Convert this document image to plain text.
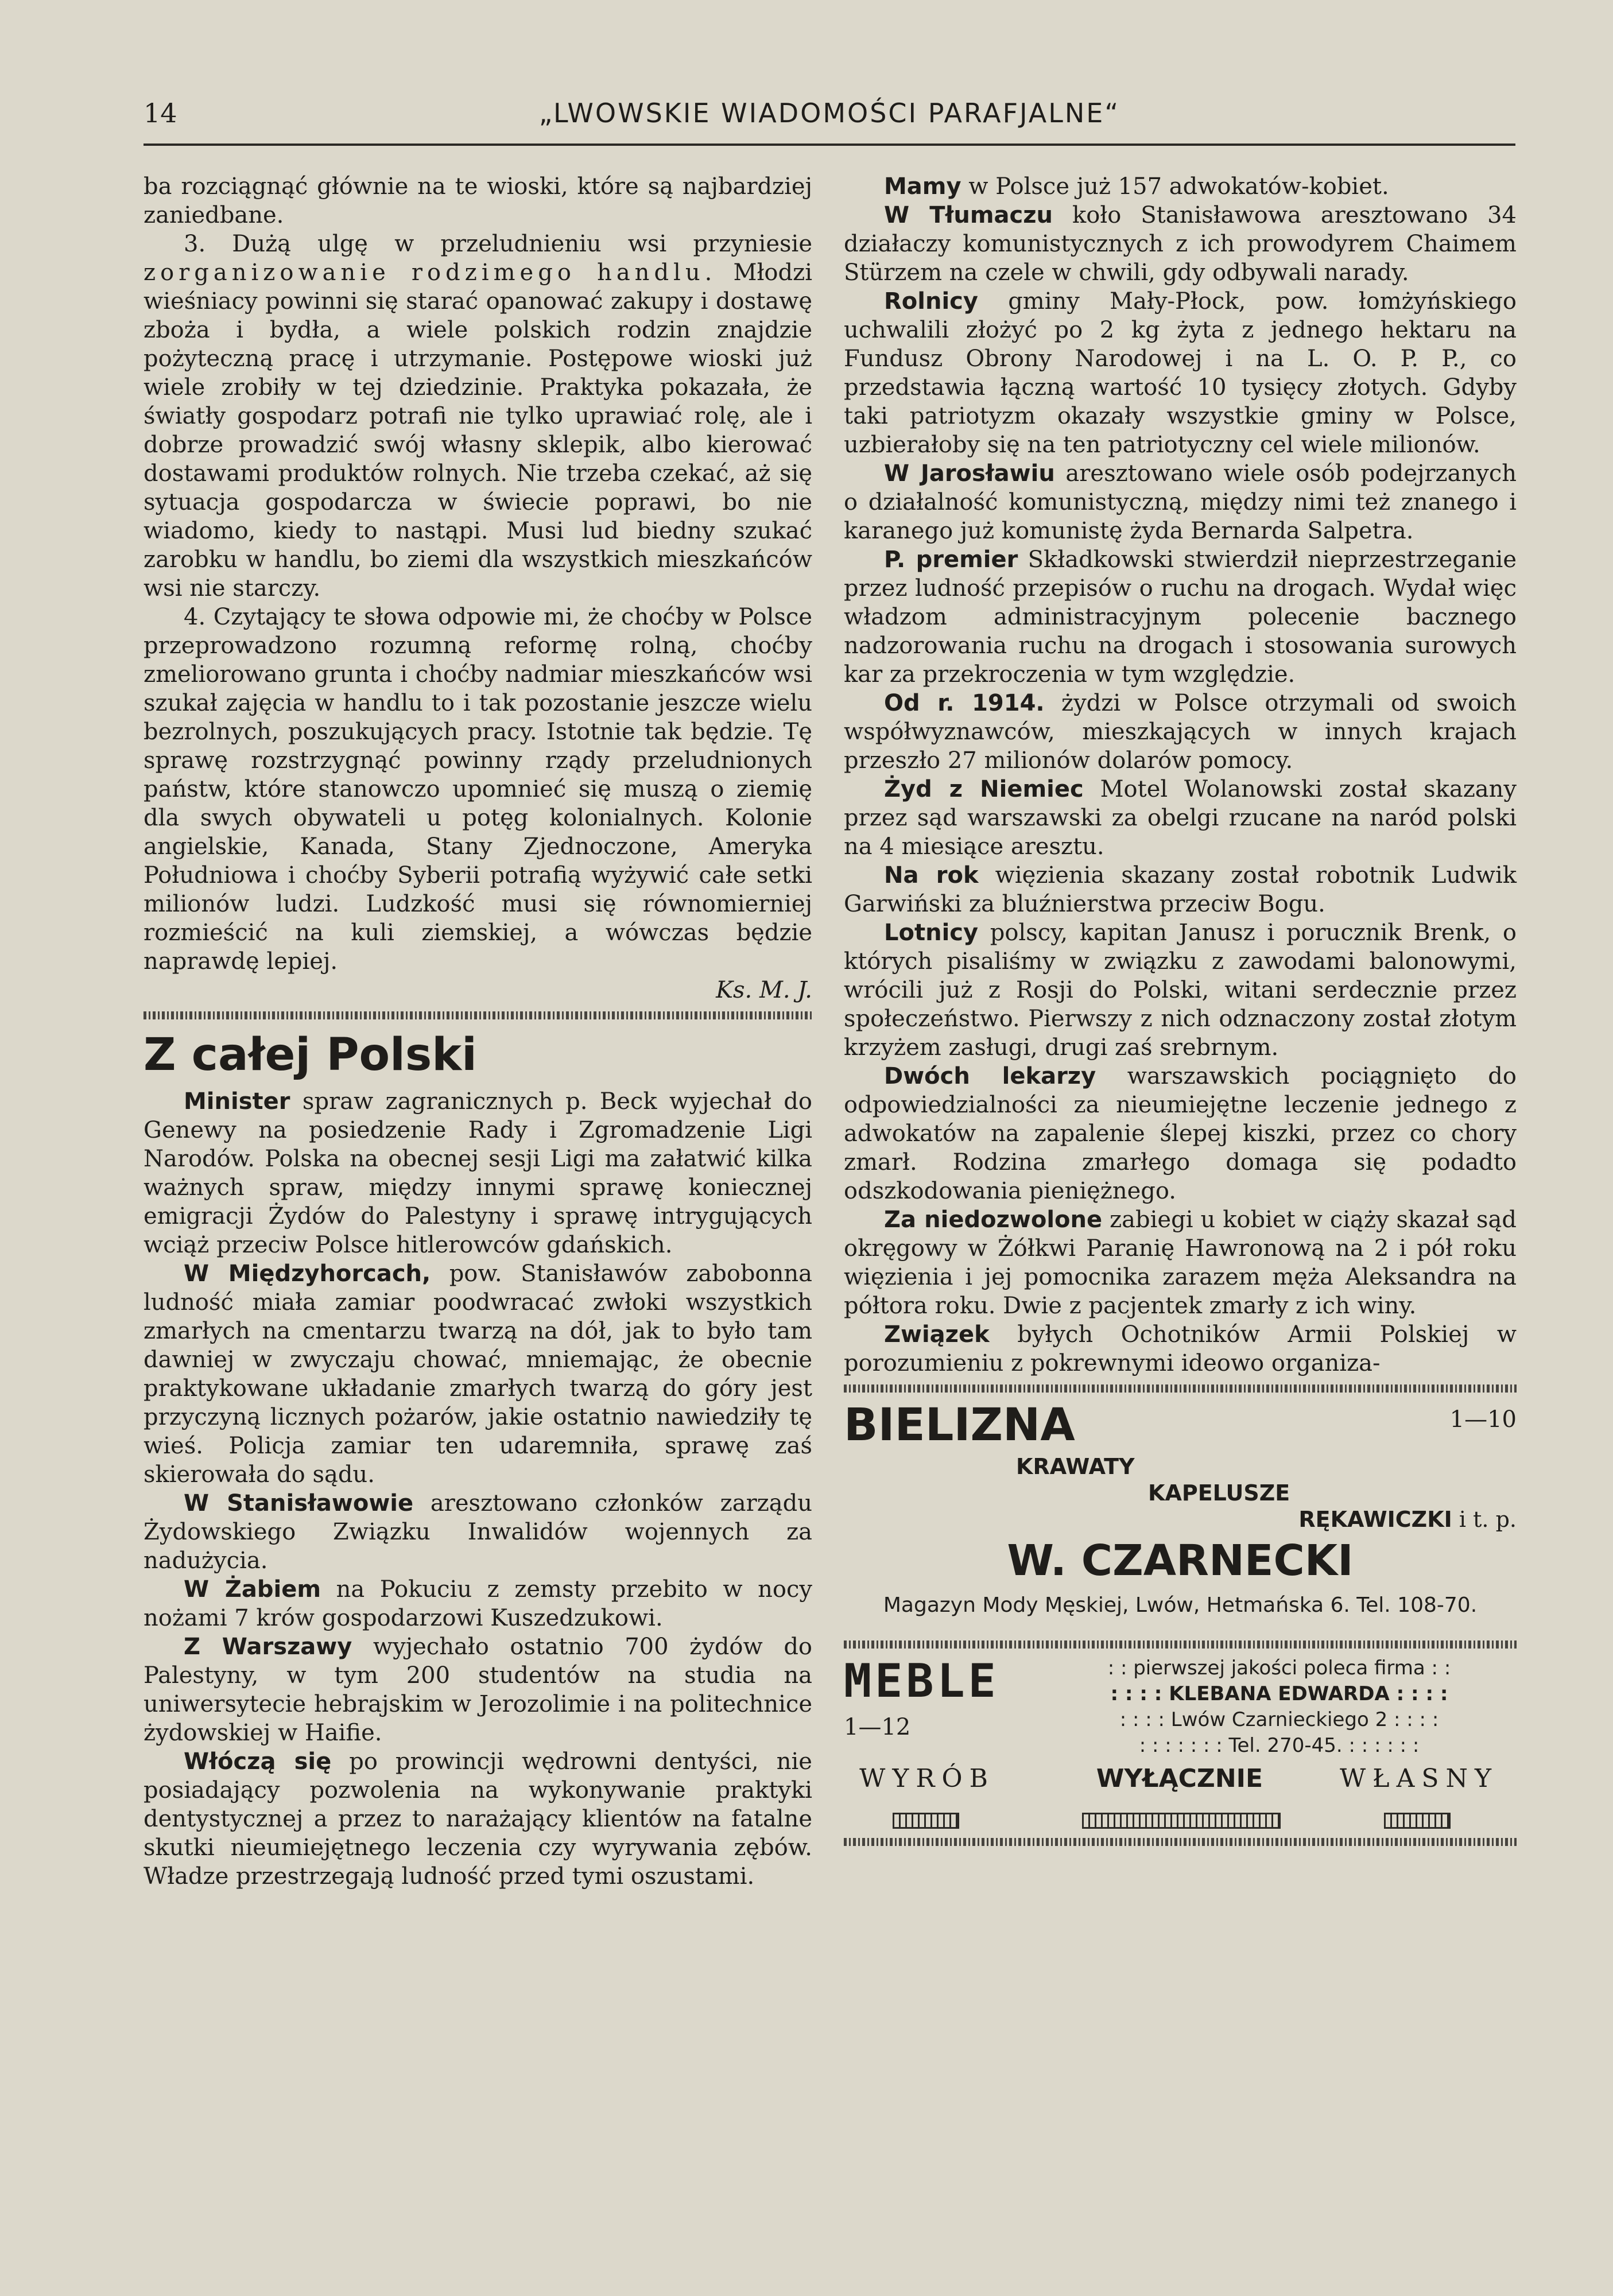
14	„LWOWSKIE WIADOMOŚCI PARAFJALNE“

ba rozciągnąć głównie na te wioski, które są najbardziej zaniedbane.

3. Dużą ulgę w przeludnieniu wsi przyniesie zorganizowanie rodzimego handlu. Młodzi wieśniacy powinni się starać opanować zakupy i dostawę zboża i bydła, a wiele polskich rodzin znajdzie pożyteczną pracę i utrzymanie. Postępowe wioski już wiele zrobiły w tej dziedzinie. Praktyka pokazała, że światły gospodarz potrafi nie tylko uprawiać rolę, ale i dobrze prowadzić swój własny sklepik, albo kierować dostawami produktów rolnych. Nie trzeba czekać, aż się sytuacja gospodarcza w świecie poprawi, bo nie wiadomo, kiedy to nastąpi. Musi lud biedny szukać zarobku w handlu, bo ziemi dla wszystkich mieszkańców wsi nie starczy.

4. Czytający te słowa odpowie mi, że choćby w Polsce przeprowadzono rozumną reformę rolną, choćby zmeliorowano grunta i choćby nadmiar mieszkańców wsi szukał zajęcia w handlu to i tak pozostanie jeszcze wielu bezrolnych, poszukujących pracy. Istotnie tak będzie. Tę sprawę rozstrzygnąć powinny rządy przeludnionych państw, które stanowczo upomnieć się muszą o ziemię dla swych obywateli u potęg kolonialnych. Kolonie angielskie, Kanada, Stany Zjednoczone, Ameryka Południowa i choćby Syberii potrafią wyżywić całe setki milionów ludzi. Ludzkość musi się równomierniej rozmieścić na kuli ziemskiej, a wówczas będzie naprawdę lepiej.

Ks. M. J.
Z całej Polski

Minister spraw zagranicznych p. Beck wyjechał do Genewy na posiedzenie Rady i Zgromadzenie Ligi Narodów. Polska na obecnej sesji Ligi ma załatwić kilka ważnych spraw, między innymi sprawę koniecznej emigracji Żydów do Palestyny i sprawę intrygujących wciąż przeciw Polsce hitlerowców gdańskich.

W Międzyhorcach, pow. Stanisławów zabobonna ludność miała zamiar poodwracać zwłoki wszystkich zmarłych na cmentarzu twarzą na dół, jak to było tam dawniej w zwyczaju chować, mniemając, że obecnie praktykowane układanie zmarłych twarzą do góry jest przyczyną licznych pożarów, jakie ostatnio nawiedziły tę wieś. Policja zamiar ten udaremniła, sprawę zaś skierowała do sądu.

W Stanisławowie aresztowano członków zarządu Żydowskiego Związku Inwalidów wojennych za nadużycia.

W Żabiem na Pokuciu z zemsty przebito w nocy nożami 7 krów gospodarzowi Kuszedzukowi.

Z Warszawy wyjechało ostatnio 700 żydów do Palestyny, w tym 200 studentów na studia na uniwersytecie hebrajskim w Jerozolimie i na politechnice żydowskiej w Haifie.

Włóczą się po prowincji wędrowni dentyści, nie posiadający pozwolenia na wykonywanie praktyki dentystycznej a przez to narażający klientów na fatalne skutki nieumiejętnego leczenia czy wyrywania zębów. Władze przestrzegają ludność przed tymi oszustami.

Mamy w Polsce już 157 adwokatów-kobiet.

W Tłumaczu koło Stanisławowa aresztowano 34 działaczy komunistycznych z ich prowodyrem Chaimem Stürzem na czele w chwili, gdy odbywali narady.

Rolnicy gminy Mały-Płock, pow. łomżyńskiego uchwalili złożyć po 2 kg żyta z jednego hektaru na Fundusz Obrony Narodowej i na L. O. P. P., co przedstawia łączną wartość 10 tysięcy złotych. Gdyby taki patriotyzm okazały wszystkie gminy w Polsce, uzbierałoby się na ten patriotyczny cel wiele milionów.

W Jarosławiu aresztowano wiele osób podejrzanych o działalność komunistyczną, między nimi też znanego i karanego już komunistę żyda Bernarda Salpetra.

P. premier Składkowski stwierdził nieprzestrzeganie przez ludność przepisów o ruchu na drogach. Wydał więc władzom administracyjnym polecenie bacznego nadzorowania ruchu na drogach i stosowania surowych kar za przekroczenia w tym względzie.

Od r. 1914. żydzi w Polsce otrzymali od swoich współwyznawców, mieszkających w innych krajach przeszło 27 milionów dolarów pomocy.

Żyd z Niemiec Motel Wolanowski został skazany przez sąd warszawski za obelgi rzucane na naród polski na 4 miesiące aresztu.

Na rok więzienia skazany został robotnik Ludwik Garwiński za bluźnierstwa przeciw Bogu.

Lotnicy polscy, kapitan Janusz i porucznik Brenk, o których pisaliśmy w związku z zawodami balonowymi, wrócili już z Rosji do Polski, witani serdecznie przez społeczeństwo. Pierwszy z nich odznaczony został złotym krzyżem zasługi, drugi zaś srebrnym.

Dwóch lekarzy warszawskich pociągnięto do odpowiedzialności za nieumiejętne leczenie jednego z adwokatów na zapalenie ślepej kiszki, przez co chory zmarł. Rodzina zmarłego domaga się podadto odszkodowania pieniężnego.

Za niedozwolone zabiegi u kobiet w ciąży skazał sąd okręgowy w Żółkwi Paranię Hawronową na 2 i pół roku więzienia i jej pomocnika zarazem męża Aleksandra na półtora roku. Dwie z pacjentek zmarły z ich winy.

Związek byłych Ochotników Armii Polskiej w porozumieniu z pokrewnymi ideowo organiza-

BIELIZNA	1—10
KRAWATY
KAPELUSZE
RĘKAWICZKI i t. p.
W. CZARNECKI
Magazyn Mody Męskiej, Lwów, Hetmańska 6. Tel. 108-70.
MEBLE
1—12
: : pierwszej jakości poleca firma : :
: : : : KLEBANA EDWARDA : : : :
: : : : Lwów Czarnieckiego 2 : : : :
: : : : : : : Tel. 270-45. : : : : : :
WYRÓB	WYŁĄCZNIE	WŁASNY
